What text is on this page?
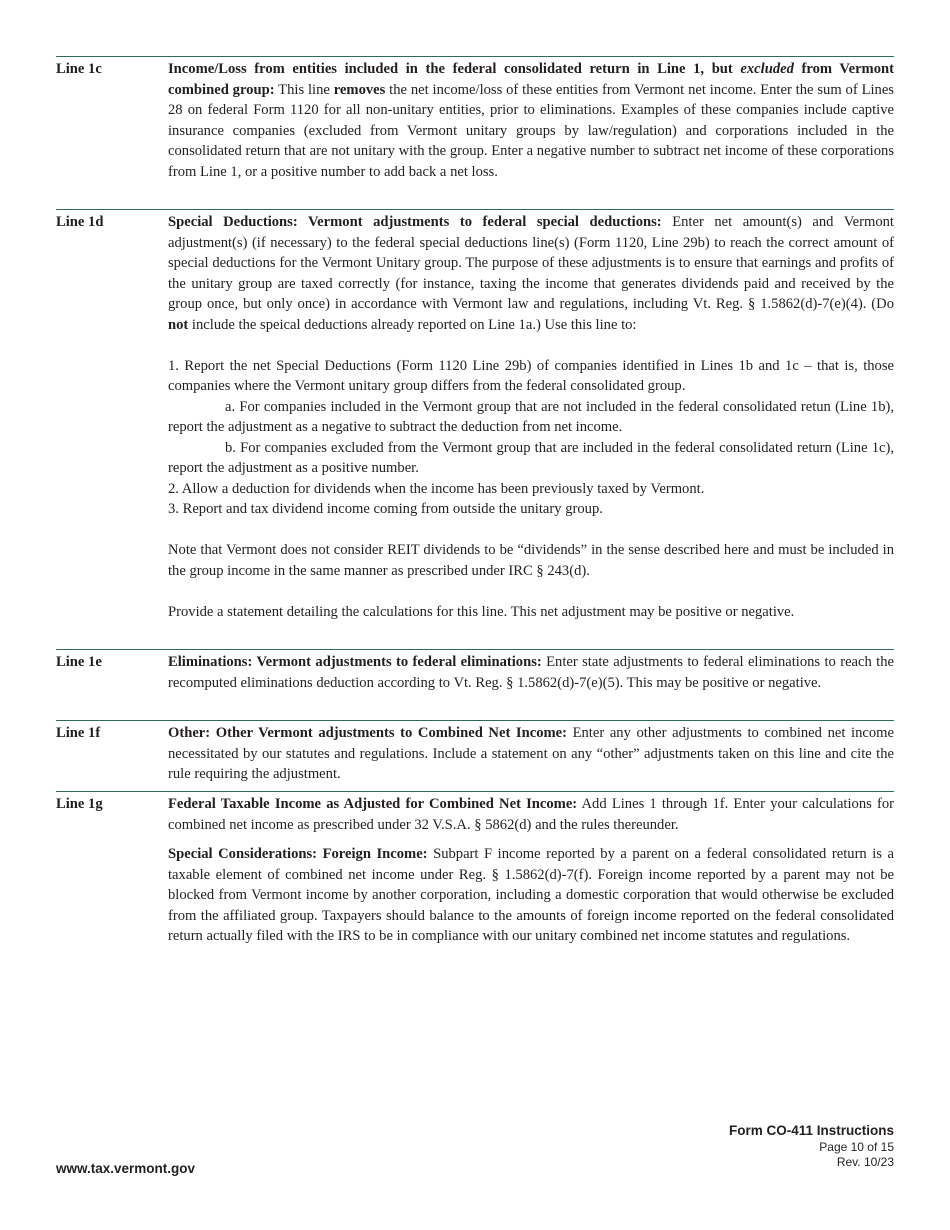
Line 1c	Income/Loss from entities included in the federal consolidated return in Line 1, but excluded from Vermont combined group: This line removes the net income/loss of these entities from Vermont net income. Enter the sum of Lines 28 on federal Form 1120 for all non-unitary entities, prior to eliminations. Examples of these companies include captive insurance companies (excluded from Vermont unitary groups by law/regulation) and corporations included in the consolidated return that are not unitary with the group. Enter a negative number to subtract net income of these corporations from Line 1, or a positive number to add back a net loss.

Line 1d	Special Deductions: Vermont adjustments to federal special deductions: Enter net amount(s) and Vermont adjustment(s) (if necessary) to the federal special deductions line(s) (Form 1120, Line 29b) to reach the correct amount of special deductions for the Vermont Unitary group. The purpose of these adjustments is to ensure that earnings and profits of the unitary group are taxed correctly (for instance, taxing the income that generates dividends paid and received by the group once, but only once) in accordance with Vermont law and regulations, including Vt. Reg. § 1.5862(d)-7(e)(4). (Do not include the speical deductions already reported on Line 1a.) Use this line to:

1. Report the net Special Deductions (Form 1120 Line 29b) of companies identified in Lines 1b and 1c – that is, those companies where the Vermont unitary group differs from the federal consolidated group.

a. For companies included in the Vermont group that are not included in the federal consolidated retun (Line 1b), report the adjustment as a negative to subtract the deduction from net income.

b. For companies excluded from the Vermont group that are included in the federal consolidated return (Line 1c), report the adjustment as a positive number.

2. Allow a deduction for dividends when the income has been previously taxed by Vermont.

3. Report and tax dividend income coming from outside the unitary group.

Note that Vermont does not consider REIT dividends to be “dividends” in the sense described here and must be included in the group income in the same manner as prescribed under IRC § 243(d).

Provide a statement detailing the calculations for this line. This net adjustment may be positive or negative.

Line 1e	Eliminations: Vermont adjustments to federal eliminations: Enter state adjustments to federal eliminations to reach the recomputed eliminations deduction according to Vt. Reg. § 1.5862(d)-7(e)(5). This may be positive or negative.

Line 1f	Other: Other Vermont adjustments to Combined Net Income: Enter any other adjustments to combined net income necessitated by our statutes and regulations. Include a statement on any “other” adjustments taken on this line and cite the rule requiring the adjustment.

Line 1g	Federal Taxable Income as Adjusted for Combined Net Income: Add Lines 1 through 1f. Enter your calculations for combined net income as prescribed under 32 V.S.A. § 5862(d) and the rules thereunder.

Special Considerations: Foreign Income: Subpart F income reported by a parent on a federal consolidated return is a taxable element of combined net income under Reg. § 1.5862(d)-7(f). Foreign income reported by a parent may not be blocked from Vermont income by another corporation, including a domestic corporation that would otherwise be excluded from the affiliated group. Taxpayers should balance to the amounts of foreign income reported on the federal consolidated return actually filed with the IRS to be in compliance with our unitary combined net income statutes and regulations.

Form CO-411 Instructions
Page 10 of 15
Rev. 10/23
www.tax.vermont.gov
